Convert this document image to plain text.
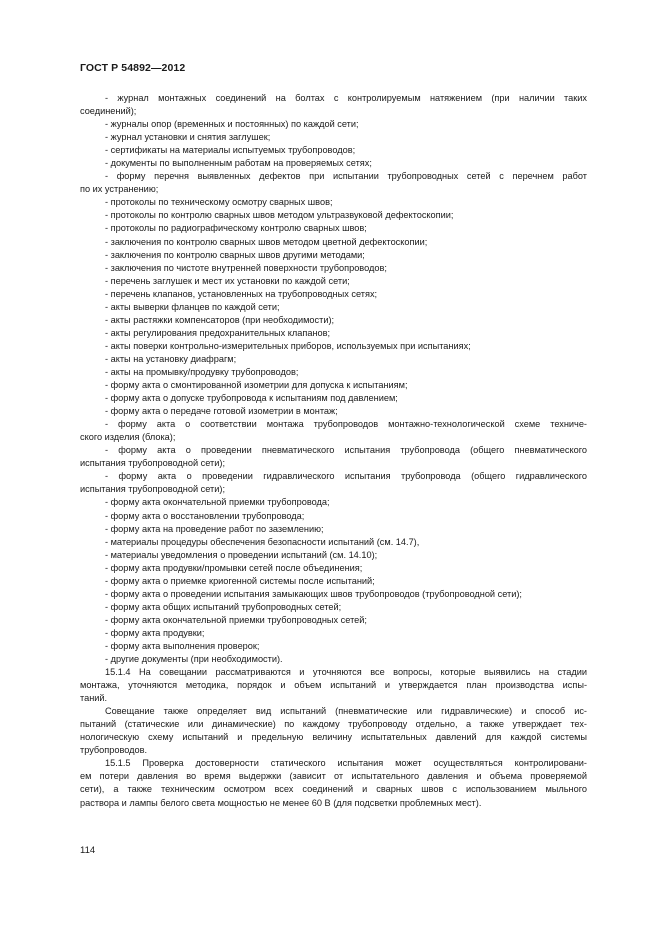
ГОСТ Р 54892—2012
- журнал монтажных соединений на болтах с контролируемым натяжением (при наличии таких
соединений);
- журналы опор (временных и постоянных) по каждой сети;
- журнал установки и снятия заглушек;
- сертификаты на материалы испытуемых трубопроводов;
- документы по выполненным работам на проверяемых сетях;
- форму перечня выявленных дефектов при испытании трубопроводных сетей с перечнем работ
по их устранению;
- протоколы по техническому осмотру сварных швов;
- протоколы по контролю сварных швов методом ультразвуковой дефектоскопии;
- протоколы по радиографическому контролю сварных швов;
- заключения по контролю сварных швов методом цветной дефектоскопии;
- заключения по контролю сварных швов другими методами;
- заключения по чистоте внутренней поверхности трубопроводов;
- перечень заглушек и мест их установки по каждой сети;
- перечень клапанов, установленных на трубопроводных сетях;
- акты выверки фланцев по каждой сети;
- акты растяжки компенсаторов (при необходимости);
- акты регулирования предохранительных клапанов;
- акты поверки контрольно-измерительных приборов, используемых при испытаниях;
- акты на установку диафрагм;
- акты на промывку/продувку трубопроводов;
- форму акта о смонтированной изометрии для допуска к испытаниям;
- форму акта о допуске трубопровода к испытаниям под давлением;
- форму акта о передаче готовой изометрии в монтаж;
- форму акта о соответствии монтажа трубопроводов монтажно-технологической схеме техниче-
ского изделия (блока);
- форму акта о проведении пневматического испытания трубопровода (общего пневматического
испытания трубопроводной сети);
- форму акта о проведении гидравлического испытания трубопровода (общего гидравлического
испытания трубопроводной сети);
- форму акта окончательной приемки трубопровода;
- форму акта о восстановлении трубопровода;
- форму акта на проведение работ по заземлению;
- материалы процедуры обеспечения безопасности испытаний (см. 14.7),
- материалы уведомления о проведении испытаний (см. 14.10);
- форму акта продувки/промывки сетей после объединения;
- форму акта о приемке криогенной системы после испытаний;
- форму акта о проведении испытания замыкающих швов трубопроводов (трубопроводной сети);
- форму акта общих испытаний трубопроводных сетей;
- форму акта окончательной приемки трубопроводных сетей;
- форму акта продувки;
- форму акта выполнения проверок;
- другие документы (при необходимости).
15.1.4 На совещании рассматриваются и уточняются все вопросы, которые выявились на стадии
монтажа, уточняются методика, порядок и объем испытаний и утверждается план производства испы-
таний.
Совещание также определяет вид испытаний (пневматические или гидравлические) и способ ис-
пытаний (статические или динамические) по каждому трубопроводу отдельно, а также утверждает тех-
нологическую схему испытаний и предельную величину испытательных давлений для каждой системы
трубопроводов.
15.1.5 Проверка достоверности статического испытания может осуществляться контролировани-
ем потери давления во время выдержки (зависит от испытательного давления и объема проверяемой
сети), а также техническим осмотром всех соединений и сварных швов с использованием мыльного
раствора и лампы белого света мощностью не менее 60 В (для подсветки проблемных мест).
114
